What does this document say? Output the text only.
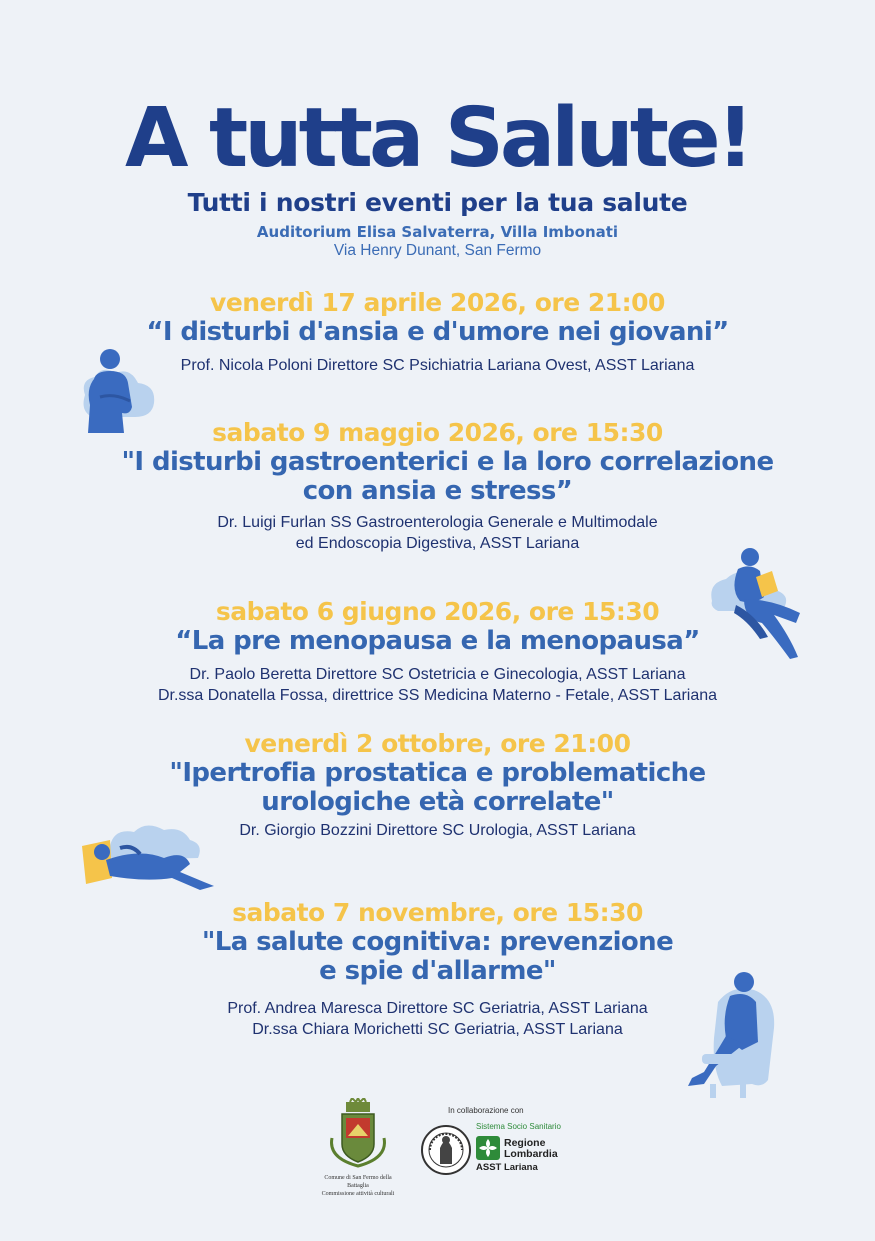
A tutta Salute!
Tutti i nostri eventi per la tua salute
Auditorium Elisa Salvaterra, Villa Imbonati
Via Henry Dunant, San Fermo
venerdì 17 aprile 2026, ore 21:00
“I disturbi d'ansia e d'umore nei giovani”
Prof. Nicola Poloni Direttore SC Psichiatria Lariana Ovest, ASST Lariana
sabato 9 maggio 2026, ore 15:30
"I disturbi gastroenterici e la loro correlazione
con ansia e stress”
Dr. Luigi Furlan SS Gastroenterologia Generale e Multimodale
ed Endoscopia Digestiva, ASST Lariana
sabato 6 giugno 2026, ore 15:30
“La pre menopausa e la menopausa”
Dr. Paolo Beretta Direttore SC Ostetricia e Ginecologia, ASST Lariana
Dr.ssa Donatella Fossa, direttrice SS Medicina Materno - Fetale, ASST Lariana
venerdì 2 ottobre, ore 21:00
"Ipertrofia prostatica e problematiche
urologiche età correlate"
Dr. Giorgio Bozzini Direttore SC Urologia, ASST Lariana
sabato 7 novembre, ore 15:30
"La salute cognitiva: prevenzione
e spie d'allarme"
Prof. Andrea Maresca Direttore SC Geriatria, ASST Lariana
Dr.ssa Chiara Morichetti SC Geriatria, ASST Lariana
Comune di San Fermo della Battaglia
Commissione attività culturali
In collaborazione con
Sistema Socio Sanitario
Regione
Lombardia
ASST Lariana
